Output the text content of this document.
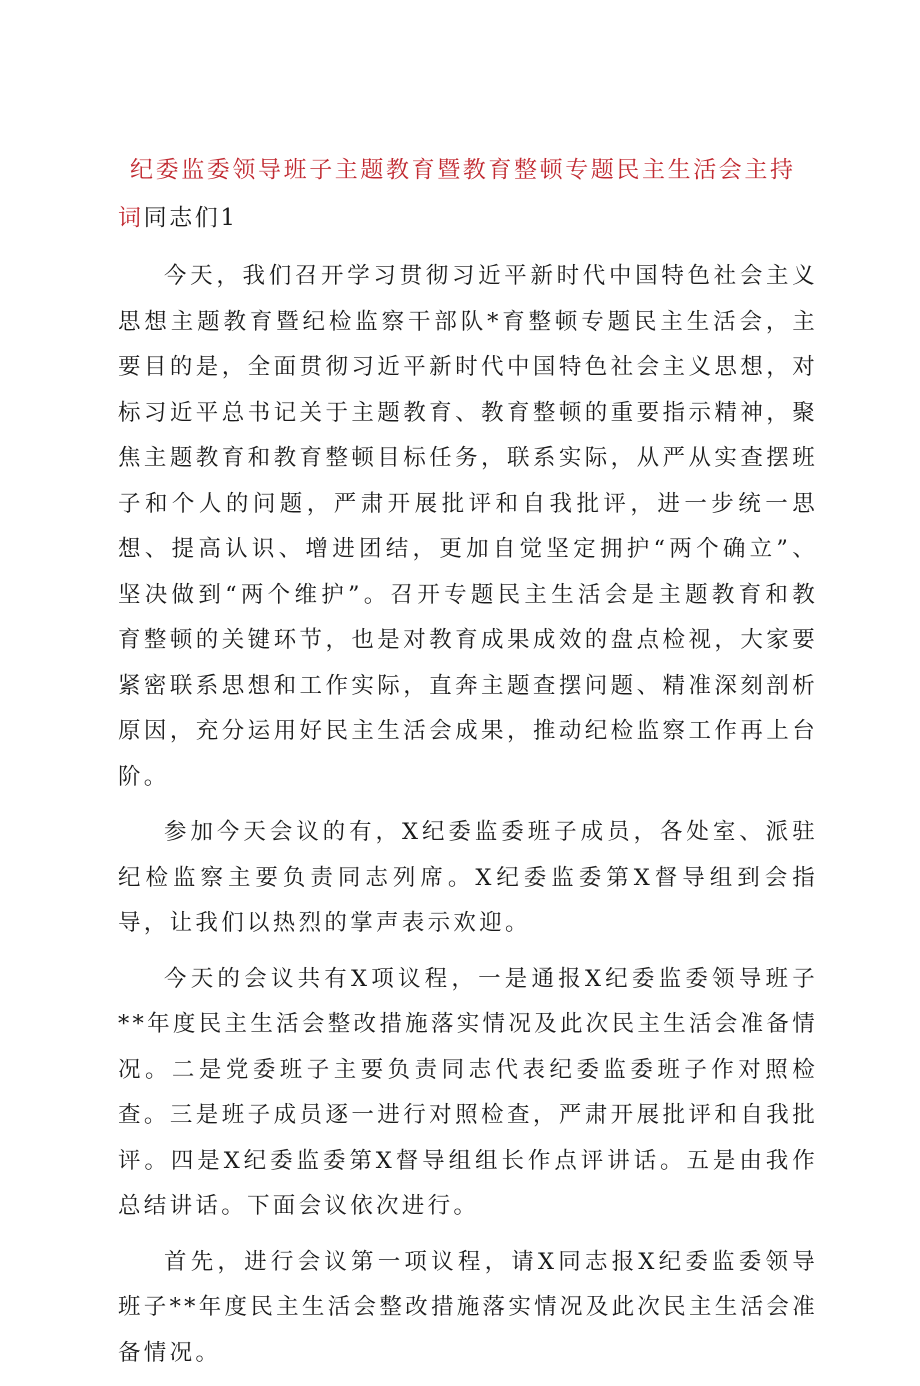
纪委监委领导班子主题教育暨教育整顿专题民主生活会主持词同志们1

今天，我们召开学习贯彻习近平新时代中国特色社会主义思想主题教育暨纪检监察干部队*育整顿专题民主生活会，主要目的是，全面贯彻习近平新时代中国特色社会主义思想，对标习近平总书记关于主题教育、教育整顿的重要指示精神，聚焦主题教育和教育整顿目标任务，联系实际，从严从实查摆班子和个人的问题，严肃开展批评和自我批评，进一步统一思想、提高认识、增进团结，更加自觉坚定拥护“两个确立”、坚决做到“两个维护”。召开专题民主生活会是主题教育和教育整顿的关键环节，也是对教育成果成效的盘点检视，大家要紧密联系思想和工作实际，直奔主题查摆问题、精准深刻剖析原因，充分运用好民主生活会成果，推动纪检监察工作再上台阶。

参加今天会议的有，X纪委监委班子成员，各处室、派驻纪检监察主要负责同志列席。X纪委监委第X督导组到会指导，让我们以热烈的掌声表示欢迎。

今天的会议共有X项议程，一是通报X纪委监委领导班子**年度民主生活会整改措施落实情况及此次民主生活会准备情况。二是党委班子主要负责同志代表纪委监委班子作对照检查。三是班子成员逐一进行对照检查，严肃开展批评和自我批评。四是X纪委监委第X督导组组长作点评讲话。五是由我作总结讲话。下面会议依次进行。

首先，进行会议第一项议程，请X同志报X纪委监委领导班子**年度民主生活会整改措施落实情况及此次民主生活会准备情况。
